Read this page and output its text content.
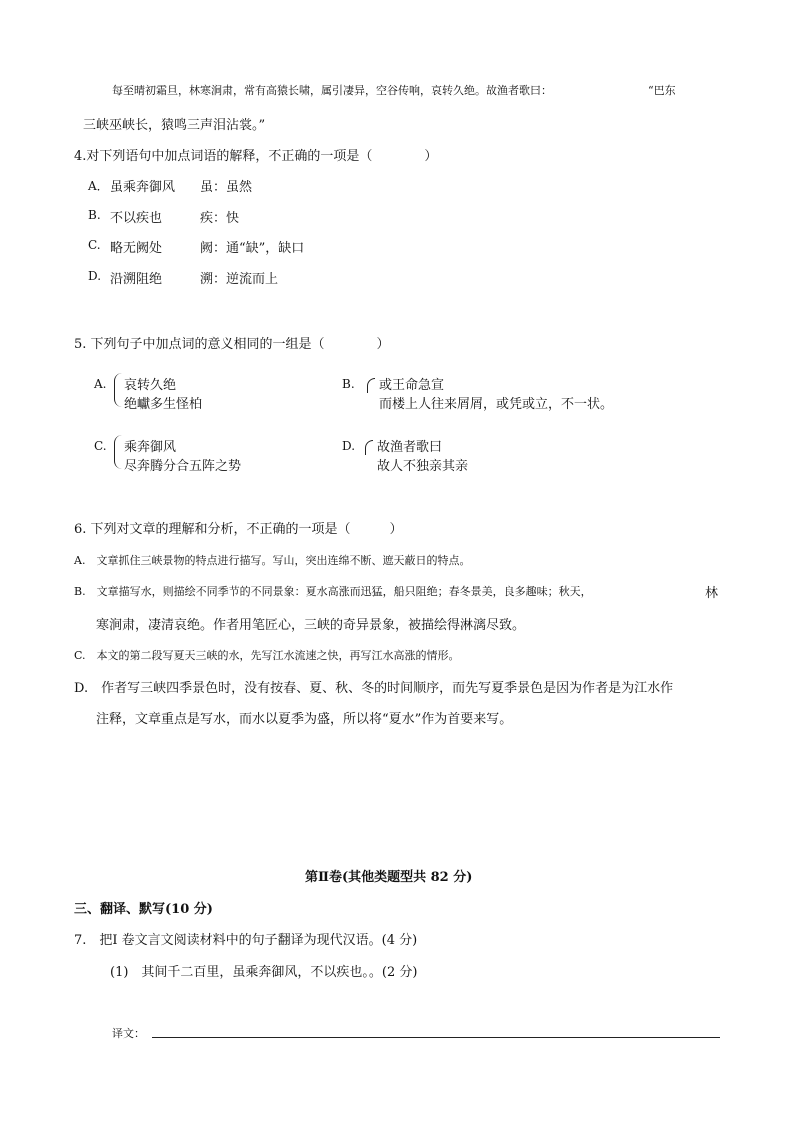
每至晴初霜旦，林寒涧肃，常有高猿长啸，属引凄异，空谷传响，哀转久绝。故渔者歌曰：	“巴东
三峡巫峡长，猿鸣三声泪沾裳。”
4.对下列语句中加点词语的解释，不正确的一项是（　　　　）
A． 虽乘奔御风 虽：虽然
B. 不以疾也	疾：快
C. 略无阙处	阙：通“缺”，缺口
D. 沿溯阻绝	溯：逆流而上
5. 下列句子中加点词的意义相同的一组是（　　　　）
A. 哀转久绝
绝巘多生怪柏
B. 或王命急宣
而楼上人往来屑屑，或凭或立，不一状。
C. 乘奔御风
尽奔腾分合五阵之势
D. 故渔者歌曰
故人不独亲其亲
6. 下列对文章的理解和分析，不正确的一项是（　　　）
A.　文章抓住三峡景物的特点进行描写。写山，突出连绵不断、遮天蔽日的特点。
B.　文章描写水，则描绘不同季节的不同景象：夏水高涨而迅猛，船只阻绝；春冬景美，良多趣味；秋天，	林
寒涧肃，凄清哀绝。作者用笔匠心，三峡的奇异景象，被描绘得淋漓尽致。
C.　本文的第二段写夏天三峡的水，先写江水流速之快，再写江水高涨的情形。
D.　作者写三峡四季景色时，没有按春、夏、秋、冬的时间顺序，而先写夏季景色是因为作者是为江水作
注释，文章重点是写水，而水以夏季为盛，所以将“夏水”作为首要来写。
第Ⅱ卷(其他类题型共 82 分)
三、翻译、默写(10 分)
7.　把Ⅰ 卷文言文阅读材料中的句子翻译为现代汉语。(4 分)
(1)　其间千二百里，虽乘奔御风，不以疾也。。(2 分)
译文：
